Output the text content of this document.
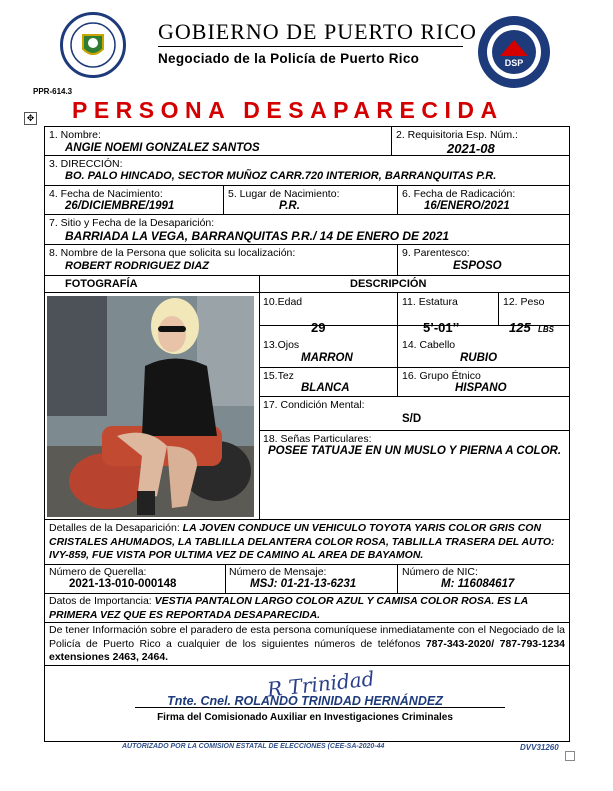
GOBIERNO DE PUERTO RICO
Negociado de la Policía de Puerto Rico	DSP
PPR-614.3
✥ PERSONA DESAPARECIDA
1. Nombre:
ANGIE NOEMI GONZALEZ SANTOS
2. Requisitoria Esp. Núm.:
2021-08
3. DIRECCIÓN:
BO. PALO HINCADO, SECTOR MUÑOZ CARR.720 INTERIOR, BARRANQUITAS P.R.
4. Fecha de Nacimiento:
26/DICIEMBRE/1991
5. Lugar de Nacimiento:
P.R.
6. Fecha de Radicación:
16/ENERO/2021
7. Sitio y Fecha de la Desaparición:
BARRIADA LA VEGA, BARRANQUITAS P.R./ 14 DE ENERO DE 2021
8. Nombre de la Persona que solicita su localización:
ROBERT RODRIGUEZ DIAZ
9. Parentesco:
ESPOSO
FOTOGRAFÍA	DESCRIPCIÓN
10.Edad
29
11. Estatura
5’-01’’
12. Peso
125 LBS
13.Ojos
MARRON
14. Cabello
RUBIO
15.Tez
BLANCA
16. Grupo Étnico
HISPANO
17. Condición Mental:
S/D
18. Señas Particulares:
POSEE TATUAJE EN UN MUSLO Y PIERNA A COLOR.
Detalles de la Desaparición: LA JOVEN CONDUCE UN VEHICULO TOYOTA YARIS COLOR GRIS CON CRISTALES AHUMADOS, LA TABLILLA DELANTERA COLOR ROSA, TABLILLA TRASERA DEL AUTO: IVY-859, FUE VISTA POR ULTIMA VEZ DE CAMINO AL AREA DE BAYAMON.
Número de Querella:
2021-13-010-000148
Número de Mensaje:
MSJ: 01-21-13-6231
Número de NIC:
M: 116084617
Datos de Importancia: VESTIA PANTALON LARGO COLOR AZUL Y CAMISA COLOR ROSA. ES LA PRIMERA VEZ QUE ES REPORTADA DESAPARECIDA.
De tener Información sobre el paradero de esta persona comuníquese inmediatamente con el Negociado de la Policía de Puerto Rico a cualquier de los siguientes números de teléfonos 787-343-2020/ 787-793-1234 extensiones 2463, 2464.
R Trinidad
Tnte. Cnel. ROLANDO TRINIDAD HERNÁNDEZ
Firma del Comisionado Auxiliar en Investigaciones Criminales
AUTORIZADO POR LA COMISION ESTATAL DE ELECCIONES (CEE-SA-2020-44	DVV31260
